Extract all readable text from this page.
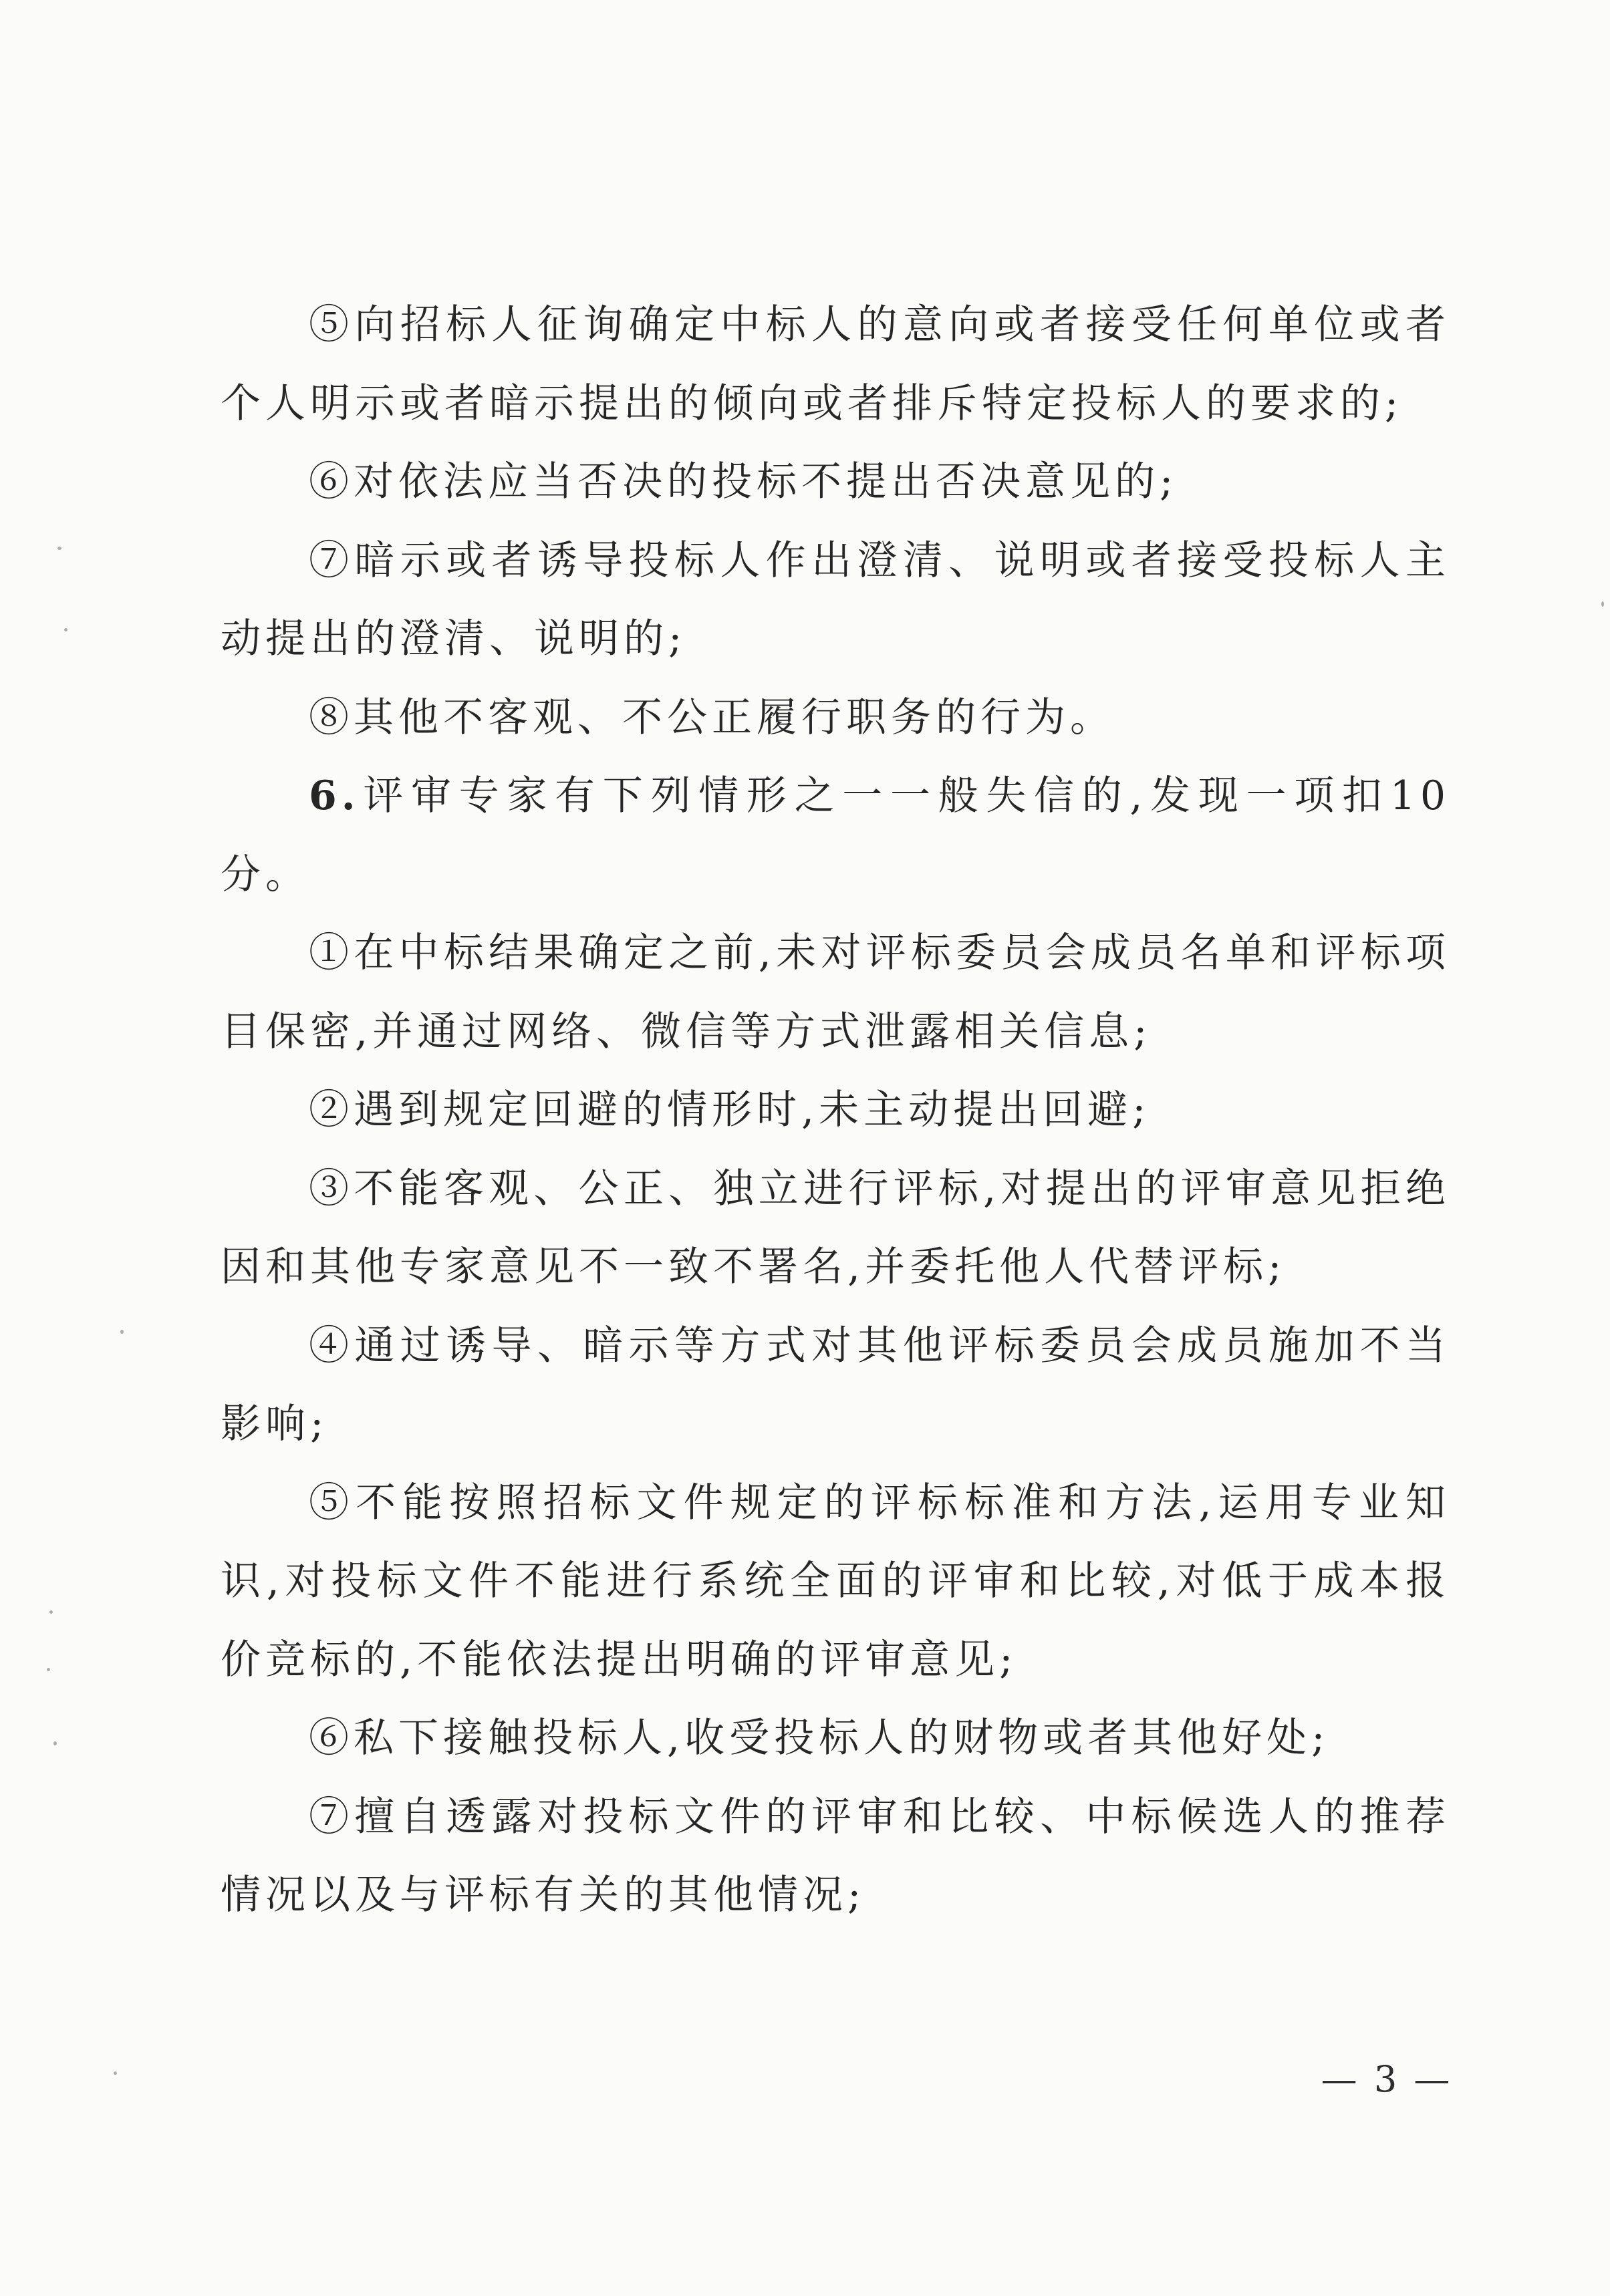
⑤向招标人征询确定中标人的意向或者接受任何单位或者个人明示或者暗示提出的倾向或者排斥特定投标人的要求的;

⑥对依法应当否决的投标不提出否决意见的;

⑦暗示或者诱导投标人作出澄清、说明或者接受投标人主动提出的澄清、说明的;

⑧其他不客观、不公正履行职务的行为。

6.评审专家有下列情形之一一般失信的,发现一项扣10分。

①在中标结果确定之前,未对评标委员会成员名单和评标项目保密,并通过网络、微信等方式泄露相关信息;

②遇到规定回避的情形时,未主动提出回避;

③不能客观、公正、独立进行评标,对提出的评审意见拒绝因和其他专家意见不一致不署名,并委托他人代替评标;

④通过诱导、暗示等方式对其他评标委员会成员施加不当影响;

⑤不能按照招标文件规定的评标标准和方法,运用专业知识,对投标文件不能进行系统全面的评审和比较,对低于成本报价竞标的,不能依法提出明确的评审意见;

⑥私下接触投标人,收受投标人的财物或者其他好处;

⑦擅自透露对投标文件的评审和比较、中标候选人的推荐情况以及与评标有关的其他情况;

— 3 —
